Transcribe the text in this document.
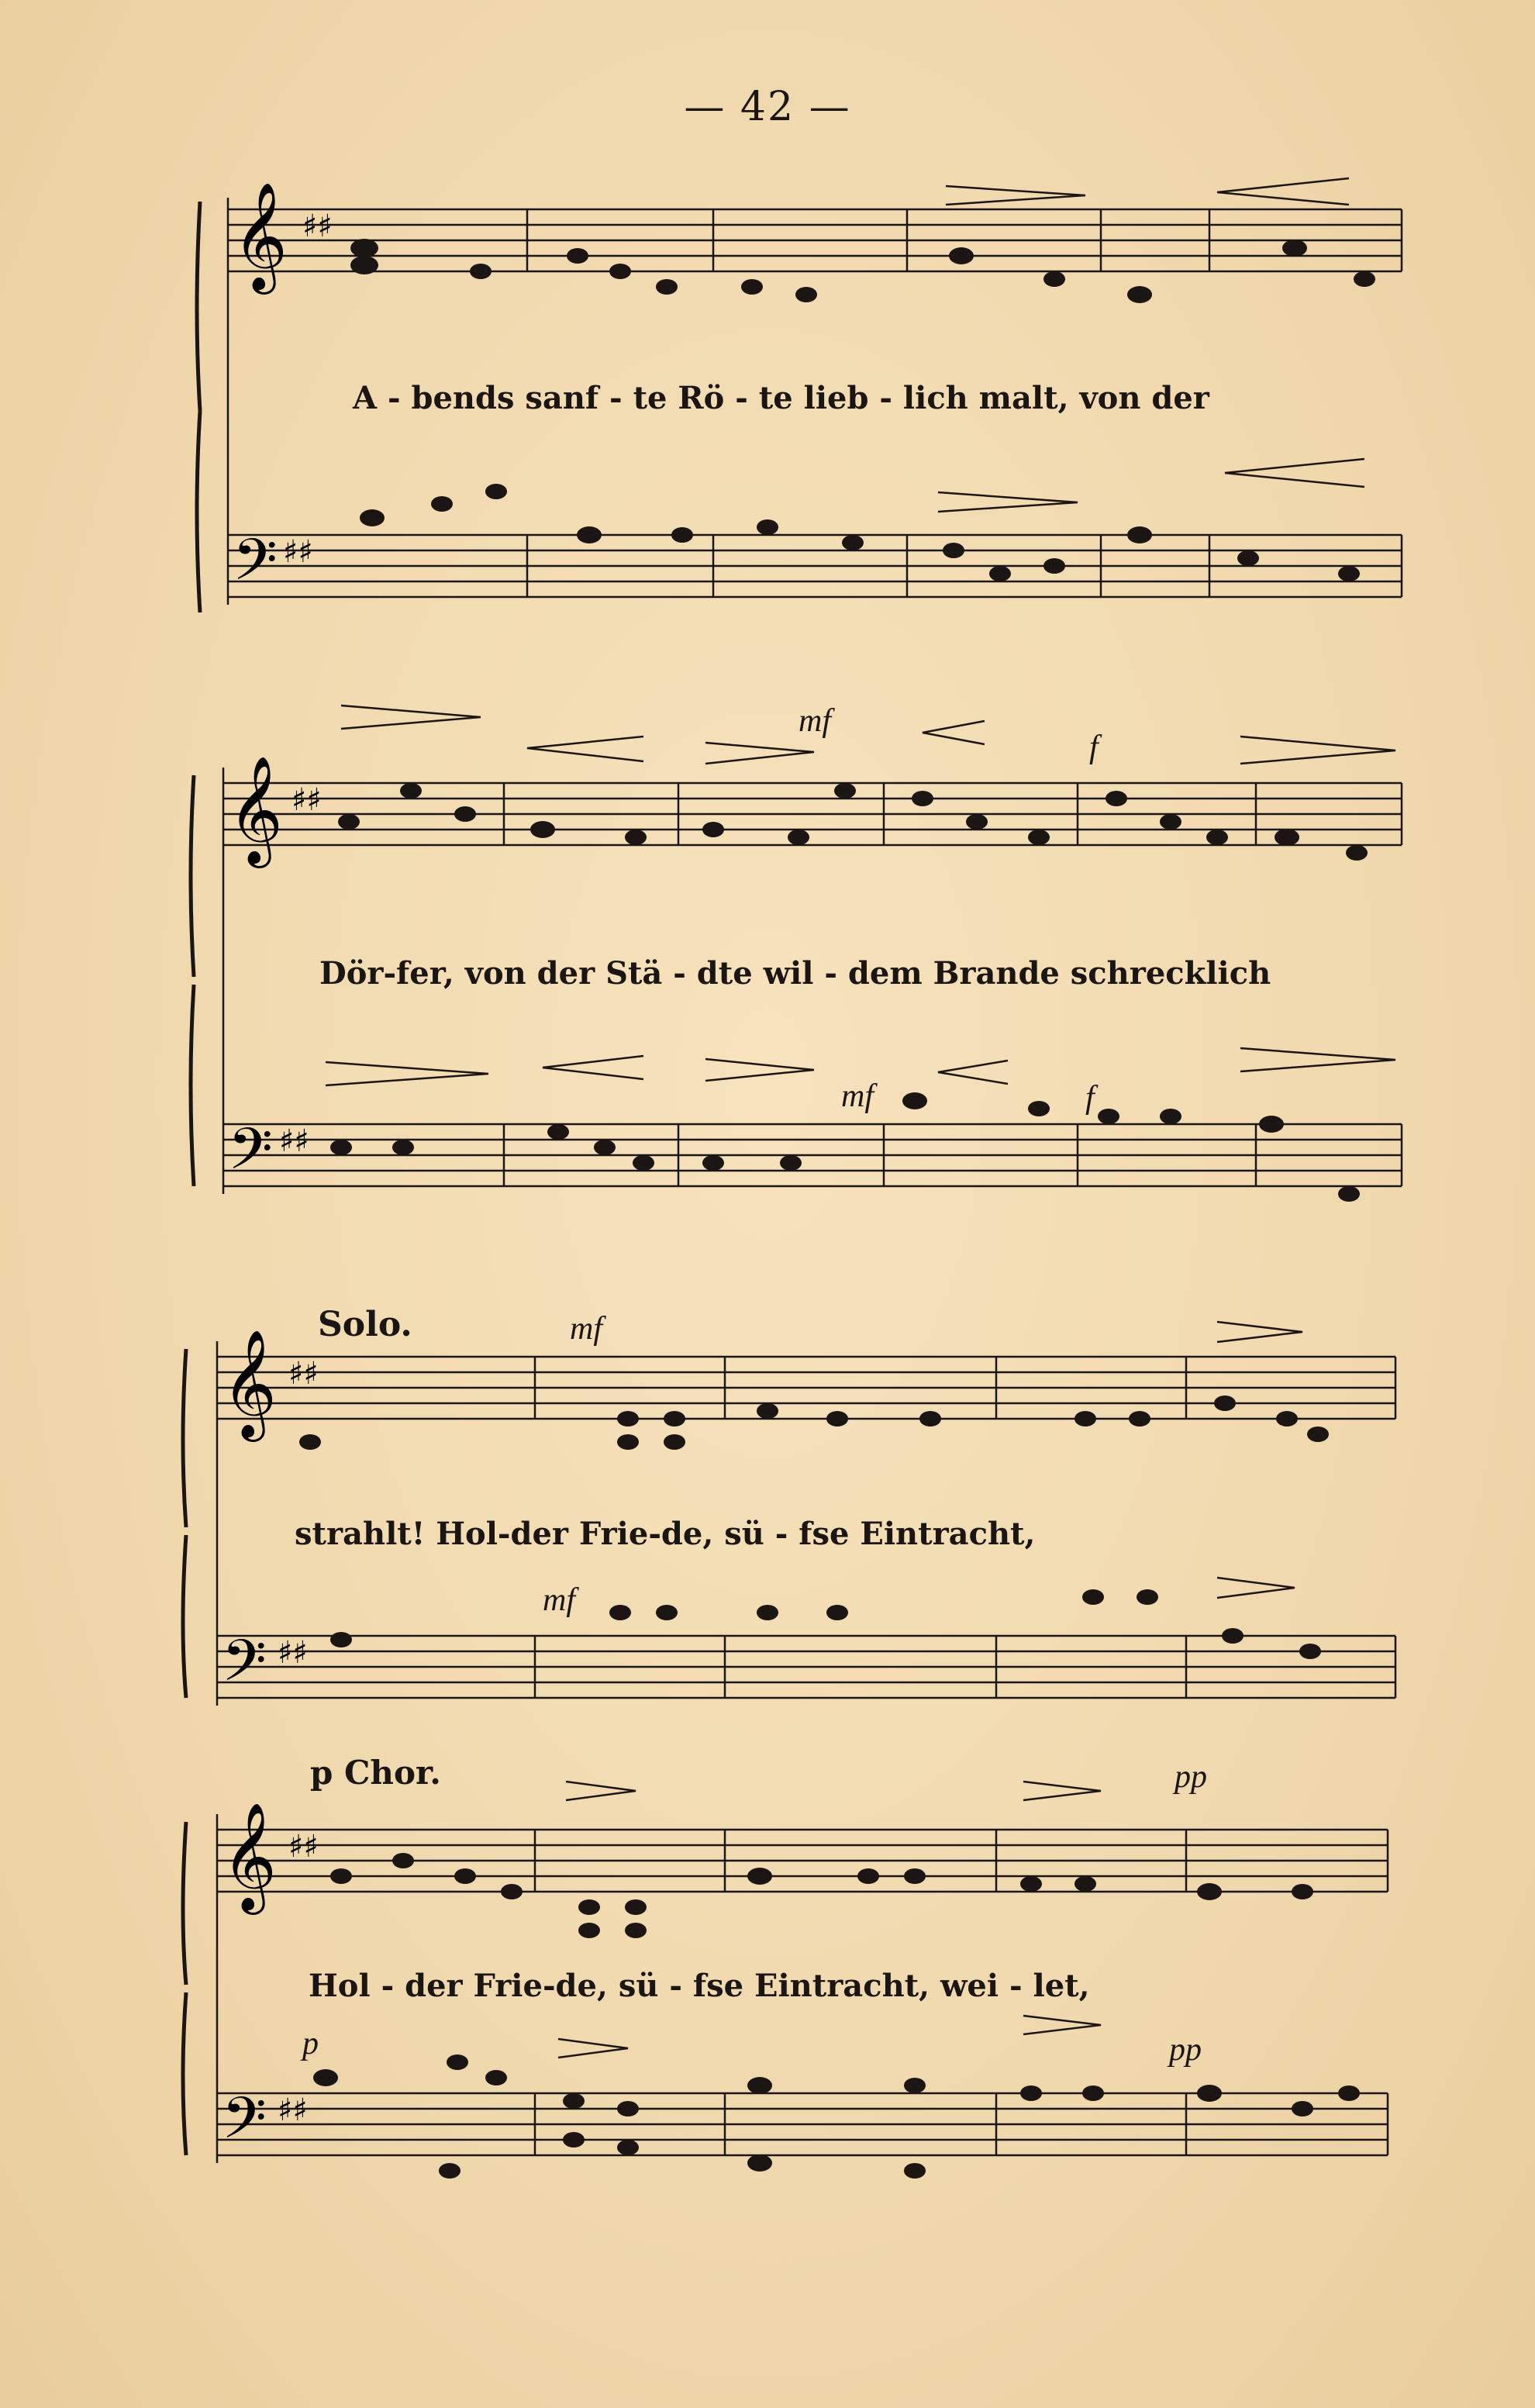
— 42 —
𝄞
𝄢
♯♯
♯♯
A - bends sanf - te Rö - te lieb - lich malt, von der
𝄞
𝄢
♯♯
♯♯
Dör-fer, von der Stä - dte wil - dem Brande schrecklich
𝄞
𝄢
♯♯
♯♯
Solo.
strahlt! Hol-der Frie-de, sü - fse Eintracht,
𝄞
𝄢
♯♯
♯♯
p Chor.
Hol - der Frie-de, sü - fse Eintracht, wei - let,
mf
f
mf
mf
f
mf
p
pp
pp
